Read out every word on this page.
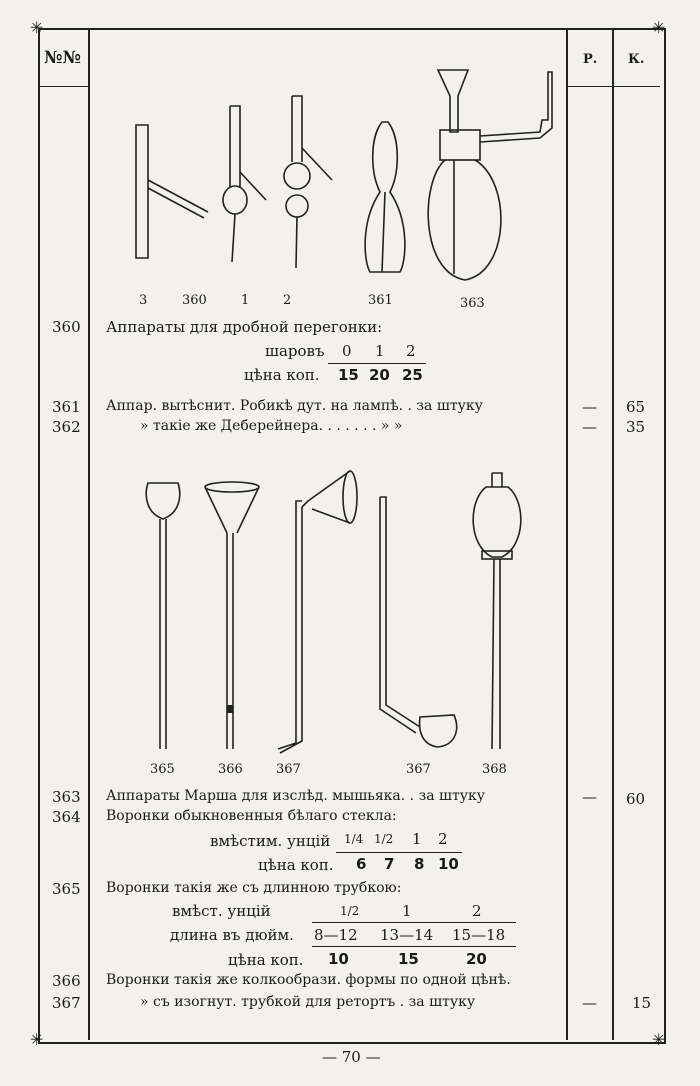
✳	✳
✳	✳
№№	Р. К.
3	360	1	2	361	363
360 Аппараты для дробной перегонки:
шаровъ 0 1 2
цѣна коп. 15 20 25
361 Аппар. вытѣснит. Робикѣ дут. на лампѣ. . за штуку	— 65
362	» такіе же Деберейнера. . . . . . . » »	— 35
365	366	367	367	368
363 Аппараты Марша для изслѣд. мышьяка. . за штуку	— 60
364 Воронки обыкновенныя бѣлаго стекла:
вмѣстим. унцій 1/4 1/2 1 2
цѣна коп. 6 7 8 10
365 Воронки такія же съ длинною трубкою:
вмѣст. унцій	1/2	1	2
длина въ дюйм. 8—12 13—14 15—18
цѣна коп. 10	15	20
366 Воронки такія же колкообрази. формы по одной цѣнѣ.
367	» съ изогнут. трубкой для ретортъ . за штуку	— 15
— 70 —
